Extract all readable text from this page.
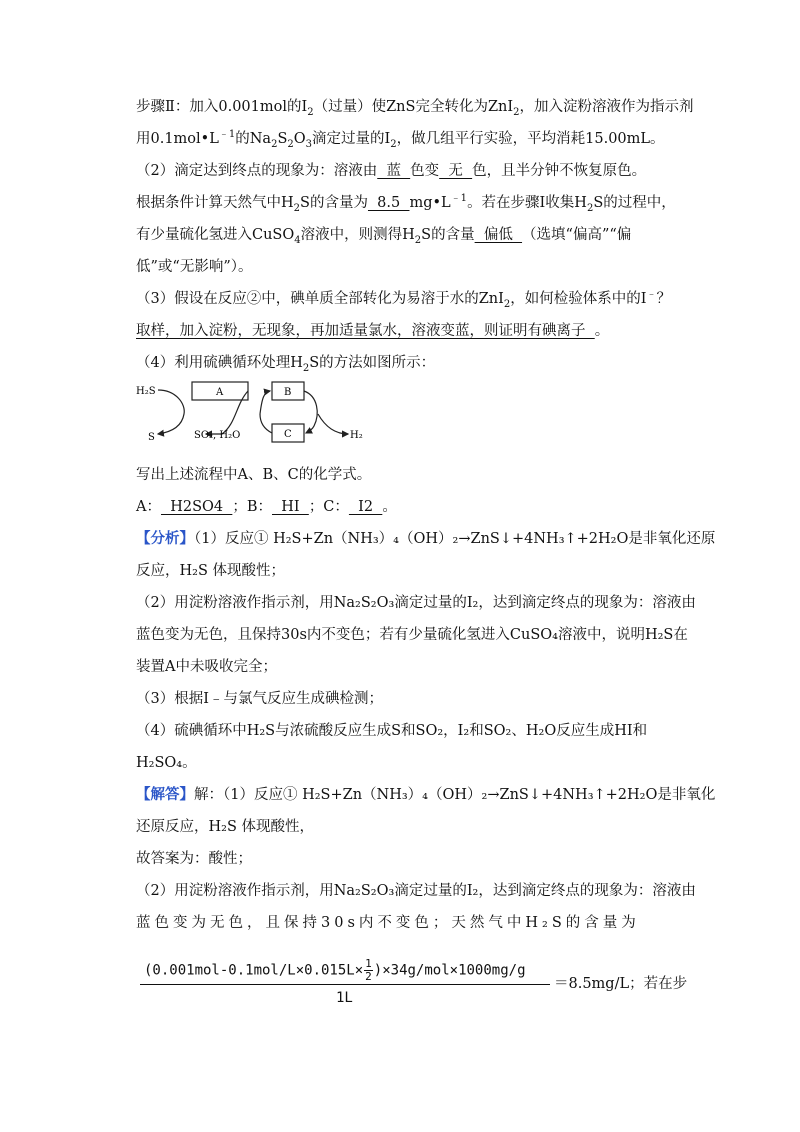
步骤Ⅱ：加入0.001mol的$I_2$（过量）使ZnS完全转化为ZnI$_2$，加入淀粉溶液作为指示剂
用$0.1mol•L^{﹣1}$的$Na_2S_2O_3$滴定过量的$I_2$，做几组平行实验，平均消耗15.00mL。
（2）滴定达到终点的现象为：溶液由  蓝  色变  无  色，且半分钟不恢复原色。
根据条件计算天然气中$H_2S$的含量为  8.5  $mg•L^{﹣1}$。若在步骤Ⅰ收集$H_2S$的过程中，
有少量硫化氢进入CuSO$_4$溶液中，则测得$H_2S$的含量  偏低  （选填“偏高”“偏
低”或“无影响”）。
（3）假设在反应②中，碘单质全部转化为易溶于水的ZnI$_2$，如何检验体系中的I﹣？
取样，加入淀粉，无现象，再加适量氯水，溶液变蓝，则证明有碘离子  。
（4）利用硫碘循环处理$H_2S$的方法如图所示：
H₂S
S	SO₂, H₂O
A	B
C	H₂
写出上述流程中A、B、C的化学式。
A：  H2SO4  ；B：  HI  ；C：  I2  。
【分析】（1）反应① H₂S+Zn（NH₃）₄（OH）₂→ZnS↓+4NH₃↑+2H₂O是非氧化还原
反应，H₂S 体现酸性；
（2）用淀粉溶液作指示剂，用Na₂S₂O₃滴定过量的I₂，达到滴定终点的现象为：溶液由
蓝色变为无色，且保持30s内不变色；若有少量硫化氢进入CuSO₄溶液中，说明H₂S在
装置A中未吸收完全；
（3）根据I﹣与氯气反应生成碘检测；
（4）硫碘循环中H₂S与浓硫酸反应生成S和SO₂，I₂和SO₂、H₂O反应生成HI和
H₂SO₄。
【解答】解：（1）反应① H₂S+Zn（NH₃）₄（OH）₂→ZnS↓+4NH₃↑+2H₂O是非氧化
还原反应，H₂S 体现酸性，
故答案为：酸性；
（2）用淀粉溶液作指示剂，用Na₂S₂O₃滴定过量的I₂，达到滴定终点的现象为：溶液由
蓝色变为无色，且保持30s内不变色；天然气中H₂S的含量为
$(0.001mol-0.1mol/L\times 0.015L\times \frac{1}{2} )\times 34g/mol\times 1000mg/g$
1L
＝8.5mg/L；若在步
